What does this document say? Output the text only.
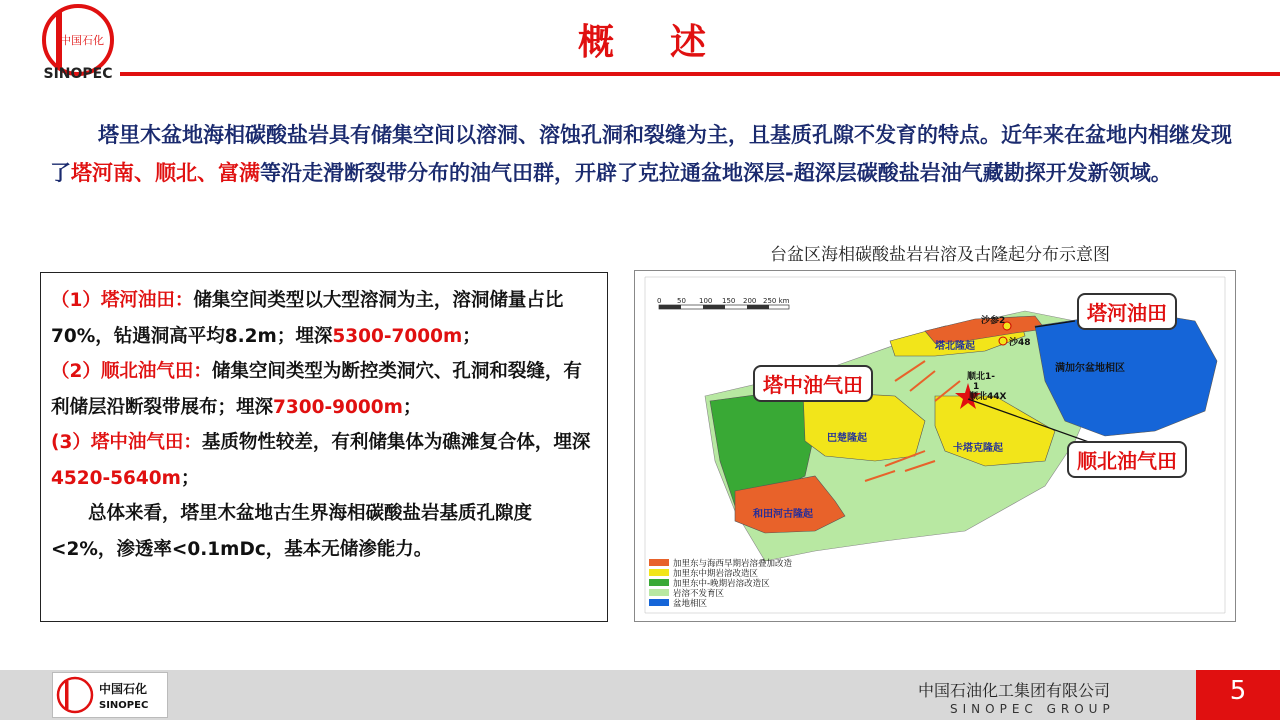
中国石化
SINOPEC
概述

塔里木盆地海相碳酸盐岩具有储集空间以溶洞、溶蚀孔洞和裂缝为主，且基质孔隙不发育的特点。近年来在盆地内相继发现了塔河南、顺北、富满等沿走滑断裂带分布的油气田群，开辟了克拉通盆地深层-超深层碳酸盐岩油气藏勘探开发新领域。

（1）塔河油田：储集空间类型以大型溶洞为主，溶洞储量占比70%，钻遇洞高平均8.2m；埋深5300-7000m；

（2）顺北油气田：储集空间类型为断控类洞穴、孔洞和裂缝，有利储层沿断裂带展布；埋深7300-9000m；

(3）塔中油气田：基质物性较差，有利储集体为礁滩复合体，埋深4520-5640m；

总体来看，塔里木盆地古生界海相碳酸盐岩基质孔隙度<2%，渗透率<0.1mDc，基本无储渗能力。

台盆区海相碳酸盐岩岩溶及古隆起分布示意图
0 50 100 150 200 250 km
塔北隆起
巴楚隆起
卡塔克隆起
和田河古隆起
满加尔盆地相区
沙参2
沙48
顺北1-
1
顺北44X
加里东与海西早期岩溶叠加改造
加里东中期岩溶改造区
加里东中-晚期岩溶改造区
岩溶不发育区
盆地相区
塔河油田
塔中油气田
顺北油气田
中国石化
SINOPEC
中国石油化工集团有限公司
SINOPEC GROUP
5
